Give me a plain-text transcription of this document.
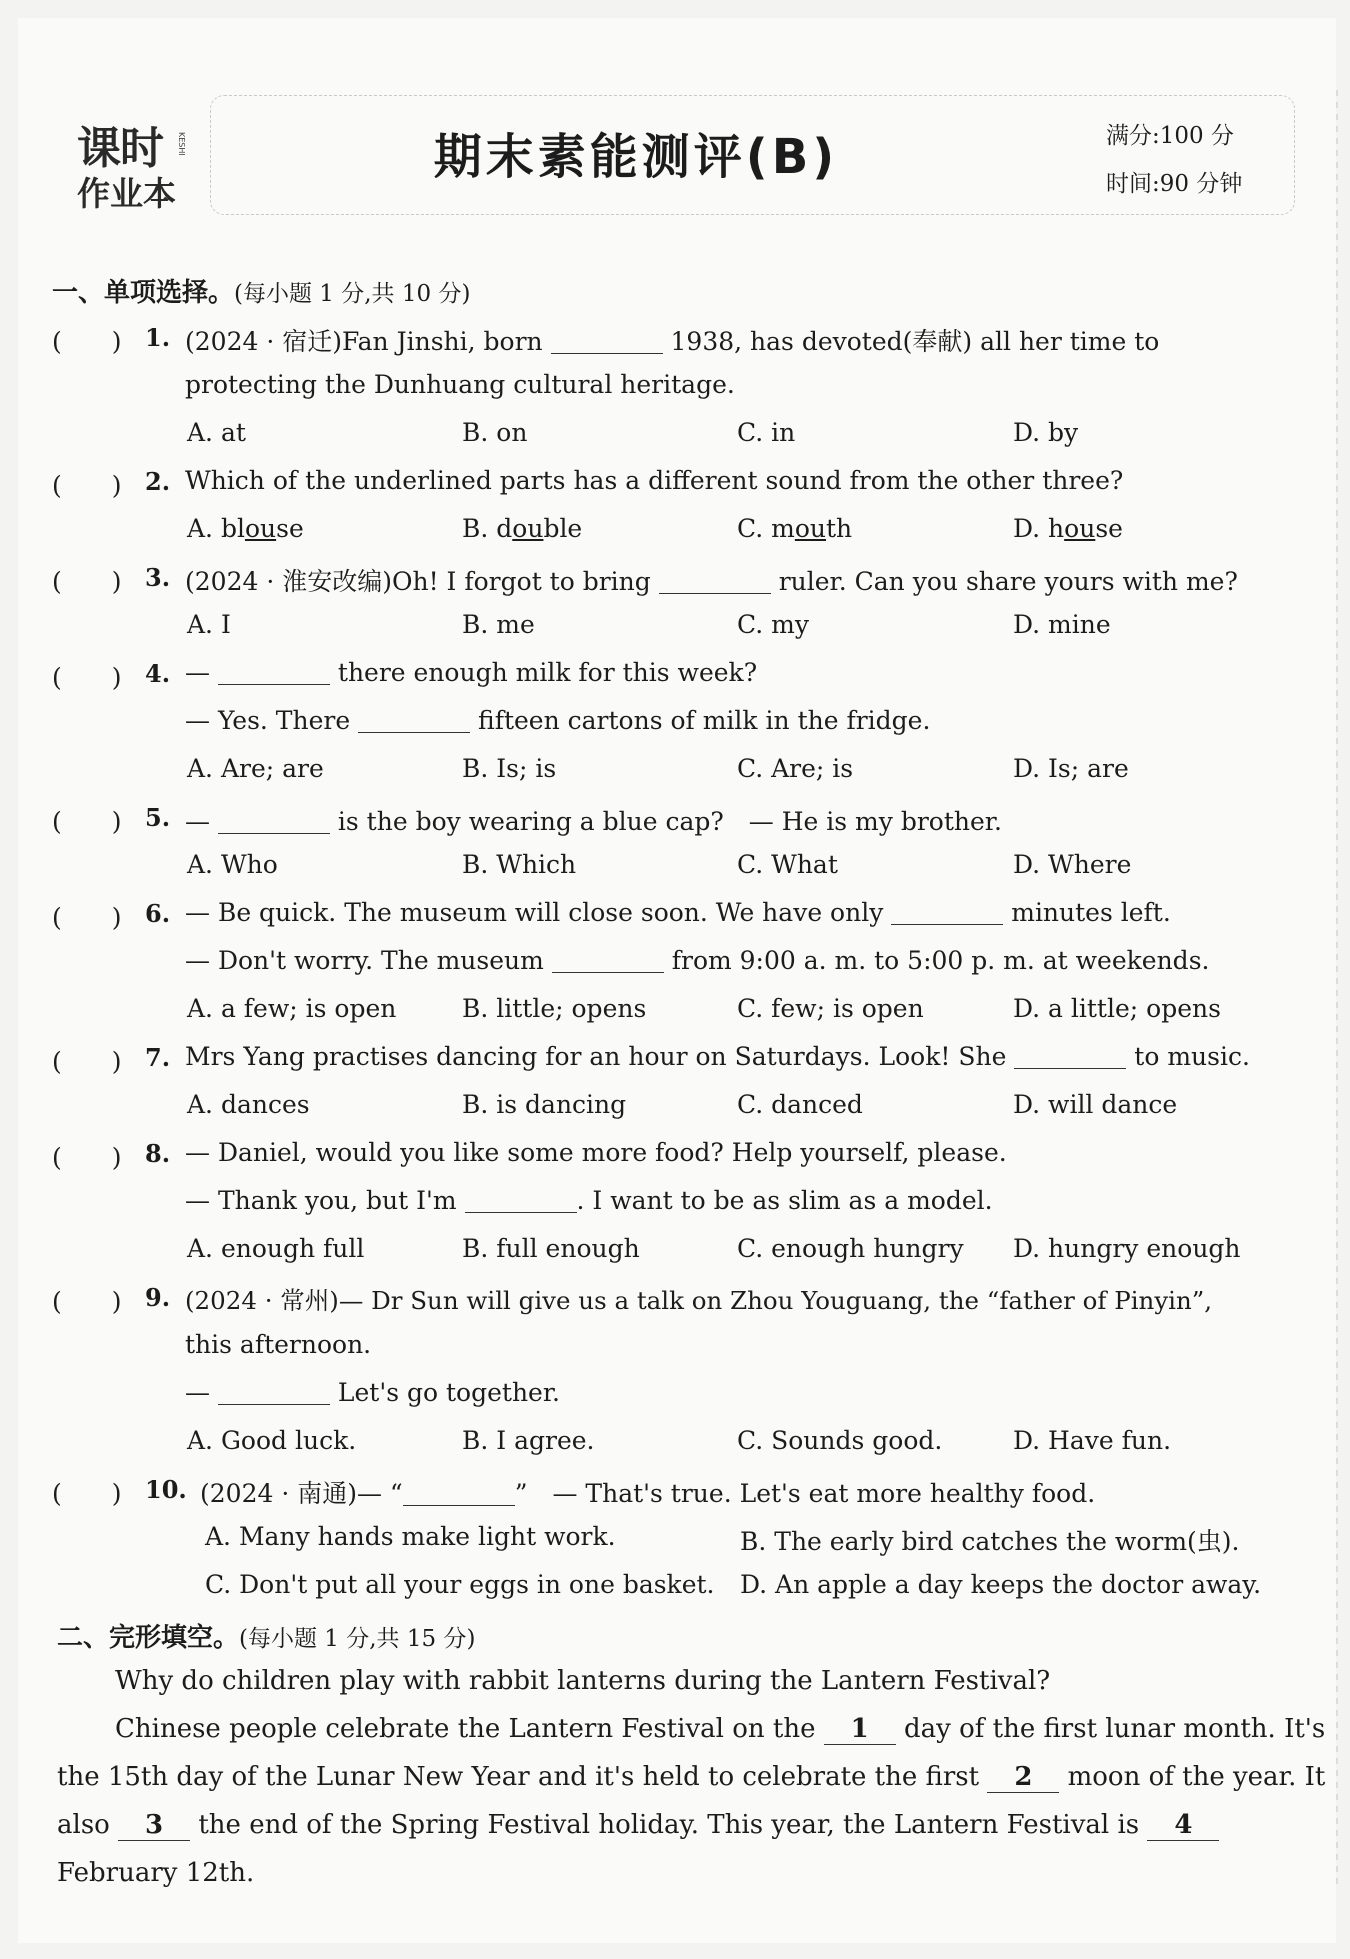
课时 KESHI
作业本
期末素能测评(B)	满分:100 分
时间:90 分钟
一、单项选择。(每小题 1 分,共 10 分)
(　　) 1. (2024 · 宿迁)Fan Jinshi, born	1938, has devoted(奉献) all her time to
protecting the Dunhuang cultural heritage.
A. at	B. on	C. in	D. by
(　　) 2. Which of the underlined parts has a different sound from the other three?
A. blouse	B. double	C. mouth	D. house
(　　) 3. (2024 · 淮安改编)Oh! I forgot to bring	ruler. Can you share yours with me?
A. I	B. me	C. my	D. mine
(　　) 4. —	there enough milk for this week?
— Yes. There	fifteen cartons of milk in the fridge.
A. Are; are	B. Is; is	C. Are; is	D. Is; are
(　　) 5. —	is the boy wearing a blue cap?　— He is my brother.
A. Who	B. Which	C. What	D. Where
(　　) 6. — Be quick. The museum will close soon. We have only	minutes left.
— Don't worry. The museum	from 9:00 a. m. to 5:00 p. m. at weekends.
A. a few; is open	B. little; opens	C. few; is open	D. a little; opens
(　　) 7. Mrs Yang practises dancing for an hour on Saturdays. Look! She	to music.
A. dances	B. is dancing	C. danced	D. will dance
(　　) 8. — Daniel, would you like some more food? Help yourself, please.
— Thank you, but I'm	. I want to be as slim as a model.
A. enough full	B. full enough	C. enough hungry D. hungry enough
(　　) 9. (2024 · 常州)— Dr Sun will give us a talk on Zhou Youguang, the “father of Pinyin”,
this afternoon.
—	Let's go together.
A. Good luck.	B. I agree.	C. Sounds good.	D. Have fun.
(　　) 10. (2024 · 南通)— “	”　— That's true. Let's eat more healthy food.
A. Many hands make light work.	B. The early bird catches the worm(虫).
C. Don't put all your eggs in one basket. D. An apple a day keeps the doctor away.
二、完形填空。(每小题 1 分,共 15 分)
Why do children play with rabbit lanterns during the Lantern Festival?
Chinese people celebrate the Lantern Festival on the 1 day of the first lunar month. It's
the 15th day of the Lunar New Year and it's held to celebrate the first 2 moon of the year. It
also 3 the end of the Spring Festival holiday. This year, the Lantern Festival is 4
February 12th.
